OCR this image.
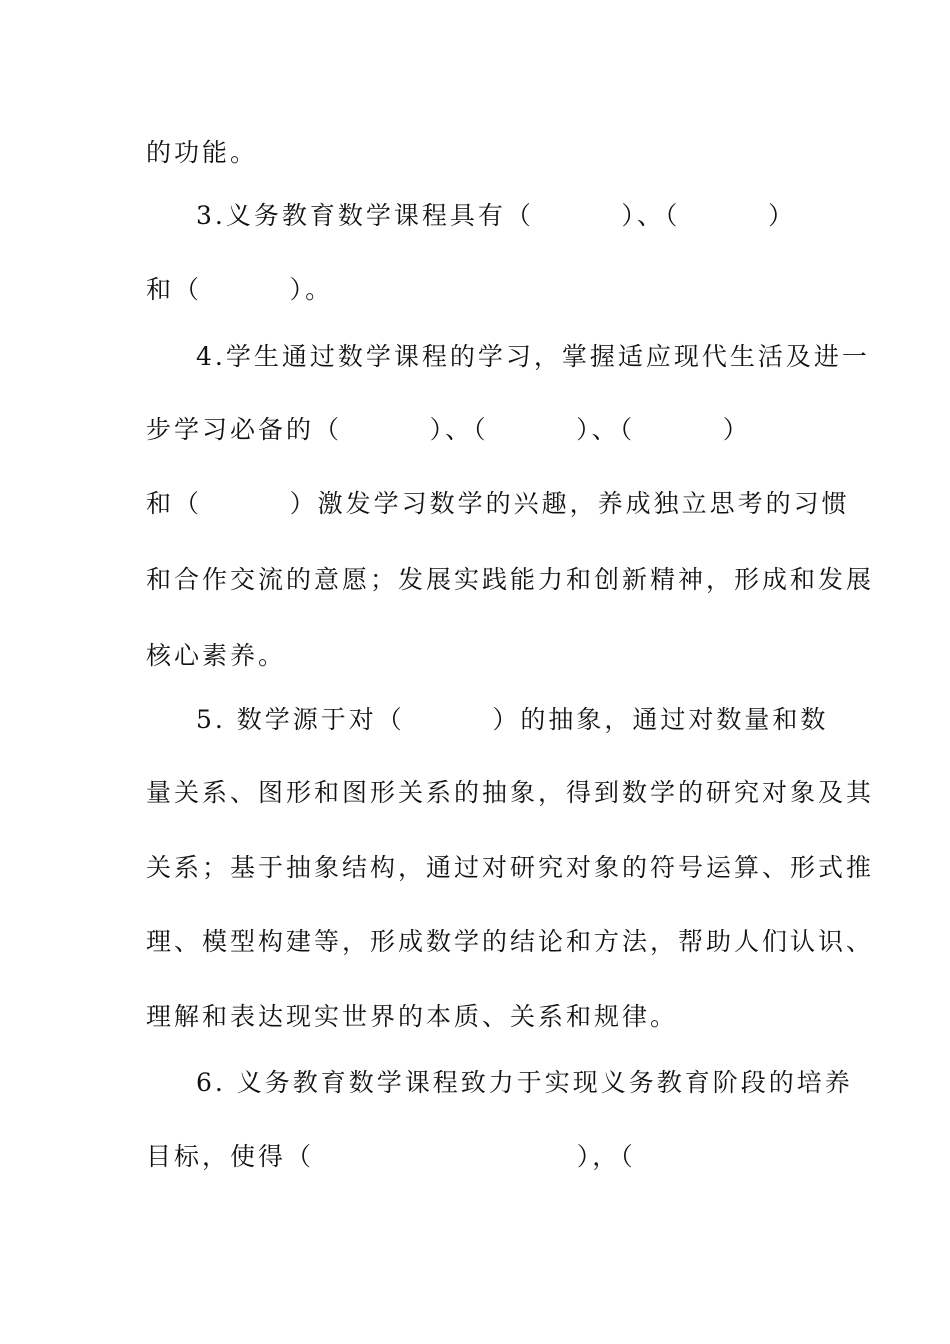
的功能。
3.义务教育数学课程具有（        ）、（        ）
和（        ）。
4.学生通过数学课程的学习，掌握适应现代生活及进一
步学习必备的（        ）、（        ）、（        ）
和（        ）激发学习数学的兴趣，养成独立思考的习惯
和合作交流的意愿；发展实践能力和创新精神，形成和发展
核心素养。
5. 数学源于对（        ）的抽象，通过对数量和数
量关系、图形和图形关系的抽象，得到数学的研究对象及其
关系；基于抽象结构，通过对研究对象的符号运算、形式推
理、模型构建等，形成数学的结论和方法，帮助人们认识、
理解和表达现实世界的本质、关系和规律。
6. 义务教育数学课程致力于实现义务教育阶段的培养
目标，使得（                        ），（
